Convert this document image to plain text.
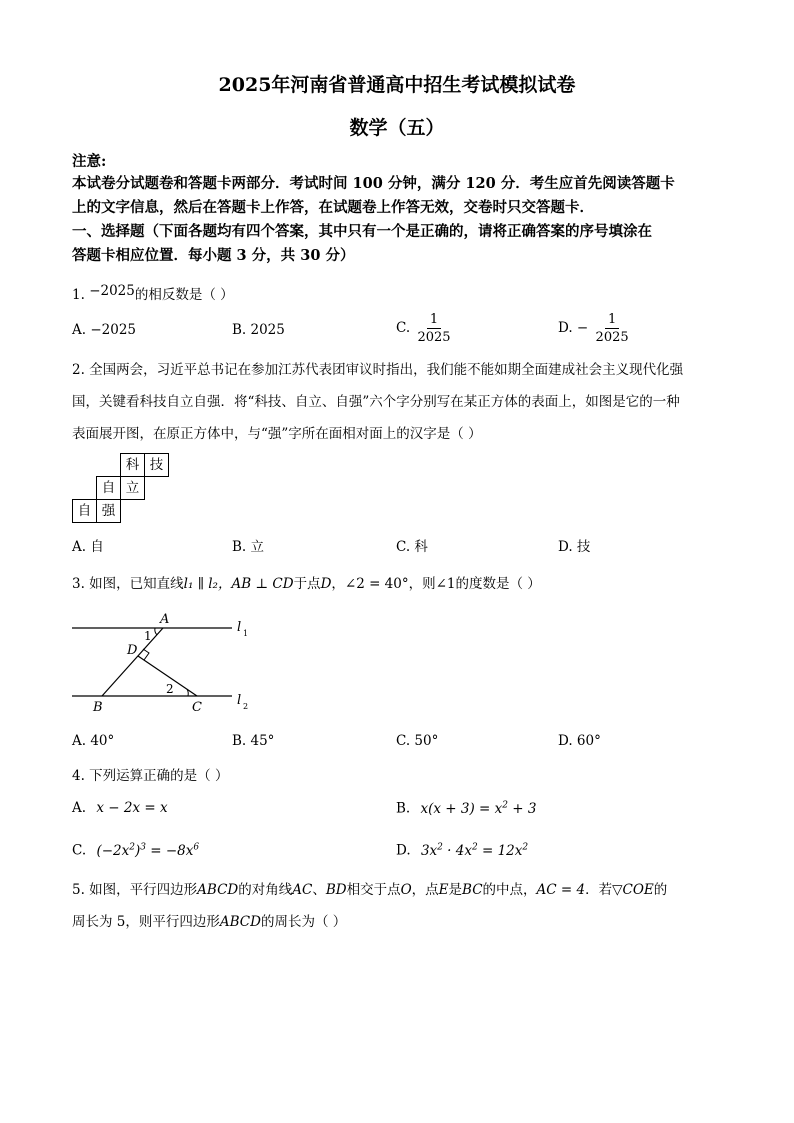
2025年河南省普通高中招生考试模拟试卷
数学（五）
注意:
本试卷分试题卷和答题卡两部分．考试时间 100 分钟，满分 120 分．考生应首先阅读答题卡
上的文字信息，然后在答题卡上作答，在试题卷上作答无效，交卷时只交答题卡．
一、选择题（下面各题均有四个答案，其中只有一个是正确的，请将正确答案的序号填涂在
答题卡相应位置．每小题 3 分，共 30 分）
1. −2025的相反数是（ ）
A. −2025	B. 2025	C. $\frac{1}{2025}$	D. − $\frac{1}{2025}$
2. 全国两会，习近平总书记在参加江苏代表团审议时指出，我们能不能如期全面建成社会主义现代化强
国，关键看科技自立自强．将“科技、自立、自强”六个字分别写在某正方体的表面上，如图是它的一种
表面展开图，在原正方体中，与“强”字所在面相对面上的汉字是（ ）
科 技
自 立
自 强
A. 自	B. 立	C. 科	D. 技
3. 如图，已知直线l₁ ∥ l₂，AB ⊥ CD于点D，∠2 = 40°，则∠1的度数是（ ）
A
1
D
2
B	C
l 1
l 2
A. 40°	B. 45°	C. 50°	D. 60°
4. 下列运算正确的是（ ）
A. x − 2x = x	B. $x(x + 3) = x^2 + 3$
C. $(-2x^2)^3 = -8x^6$	D. $3x^2 \cdot 4x^2 = 12x^2$
5. 如图，平行四边形ABCD的对角线AC、BD相交于点O，点E是BC的中点，AC = 4．若▽COE的
周长为 5，则平行四边形ABCD的周长为（ ）
